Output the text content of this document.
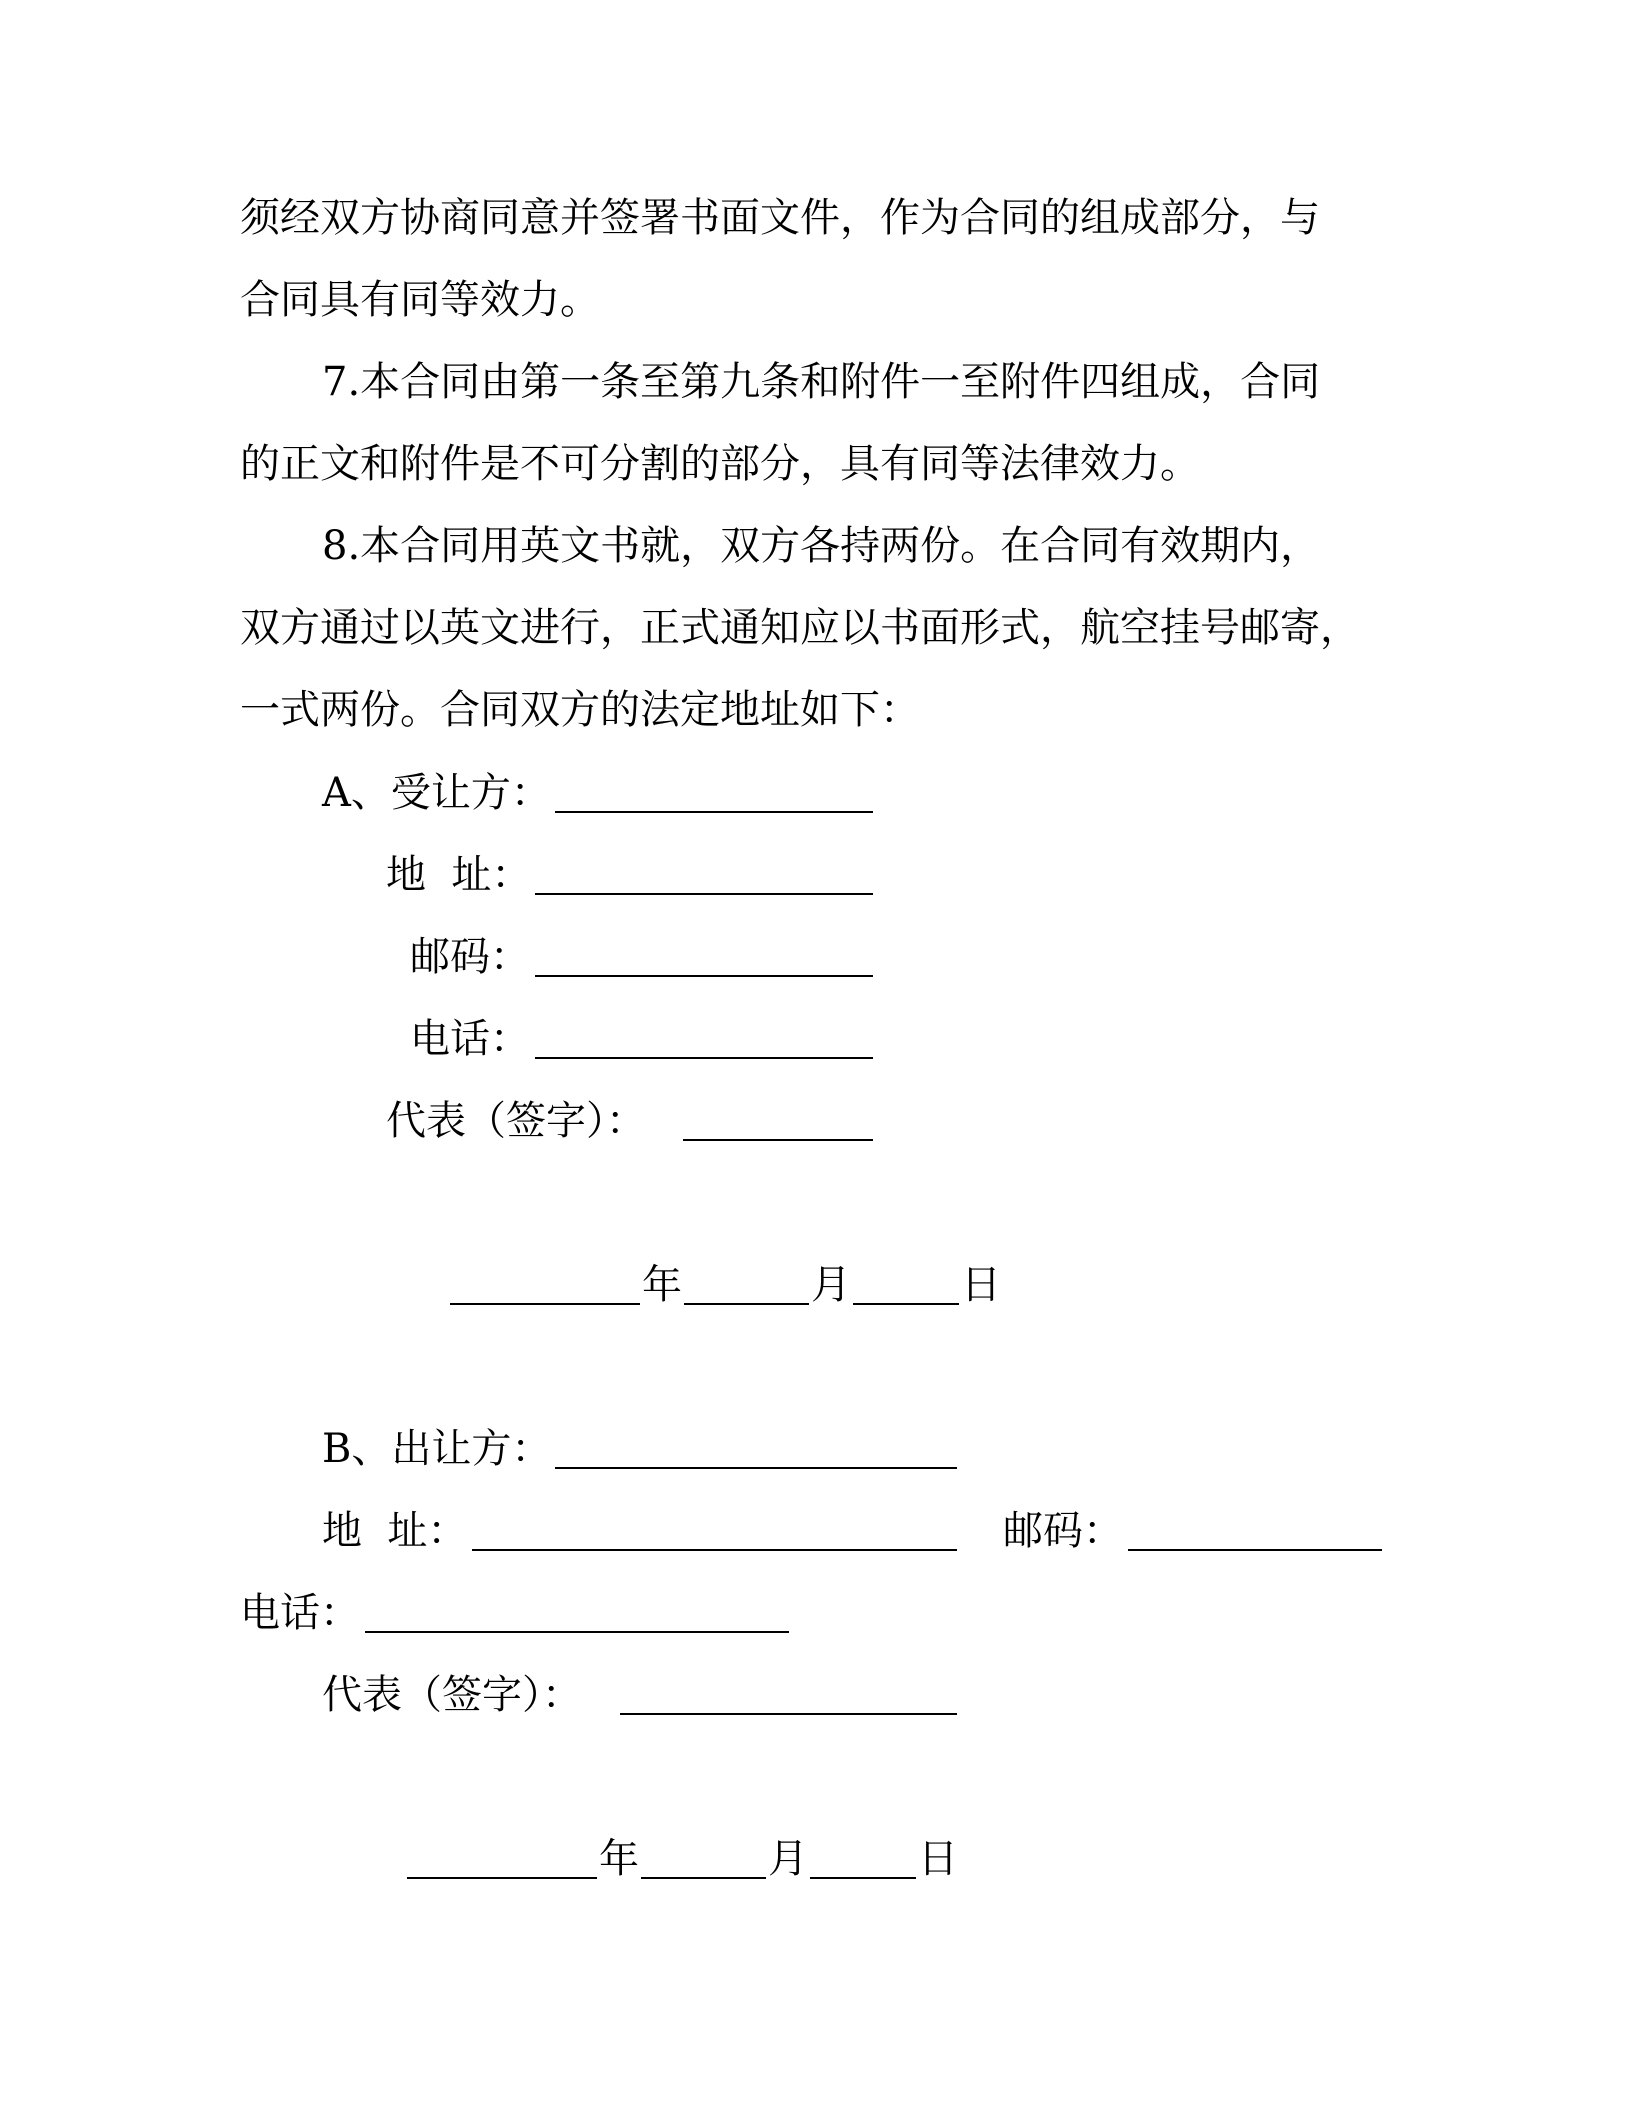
须经双方协商同意并签署书面文件，作为合同的组成部分，与
合同具有同等效力。
7.本合同由第一条至第九条和附件一至附件四组成，合同
的正文和附件是不可分割的部分，具有同等法律效力。
8.本合同用英文书就，双方各持两份。在合同有效期内，
双方通过以英文进行，正式通知应以书面形式，航空挂号邮寄，
一式两份。合同双方的法定地址如下：
A、受让方：
地  址：
邮码：
电话：
代表（签字）：
年	月	日
B、出让方：
地  址：	邮码：
电话：
代表（签字）：
年	月	日
